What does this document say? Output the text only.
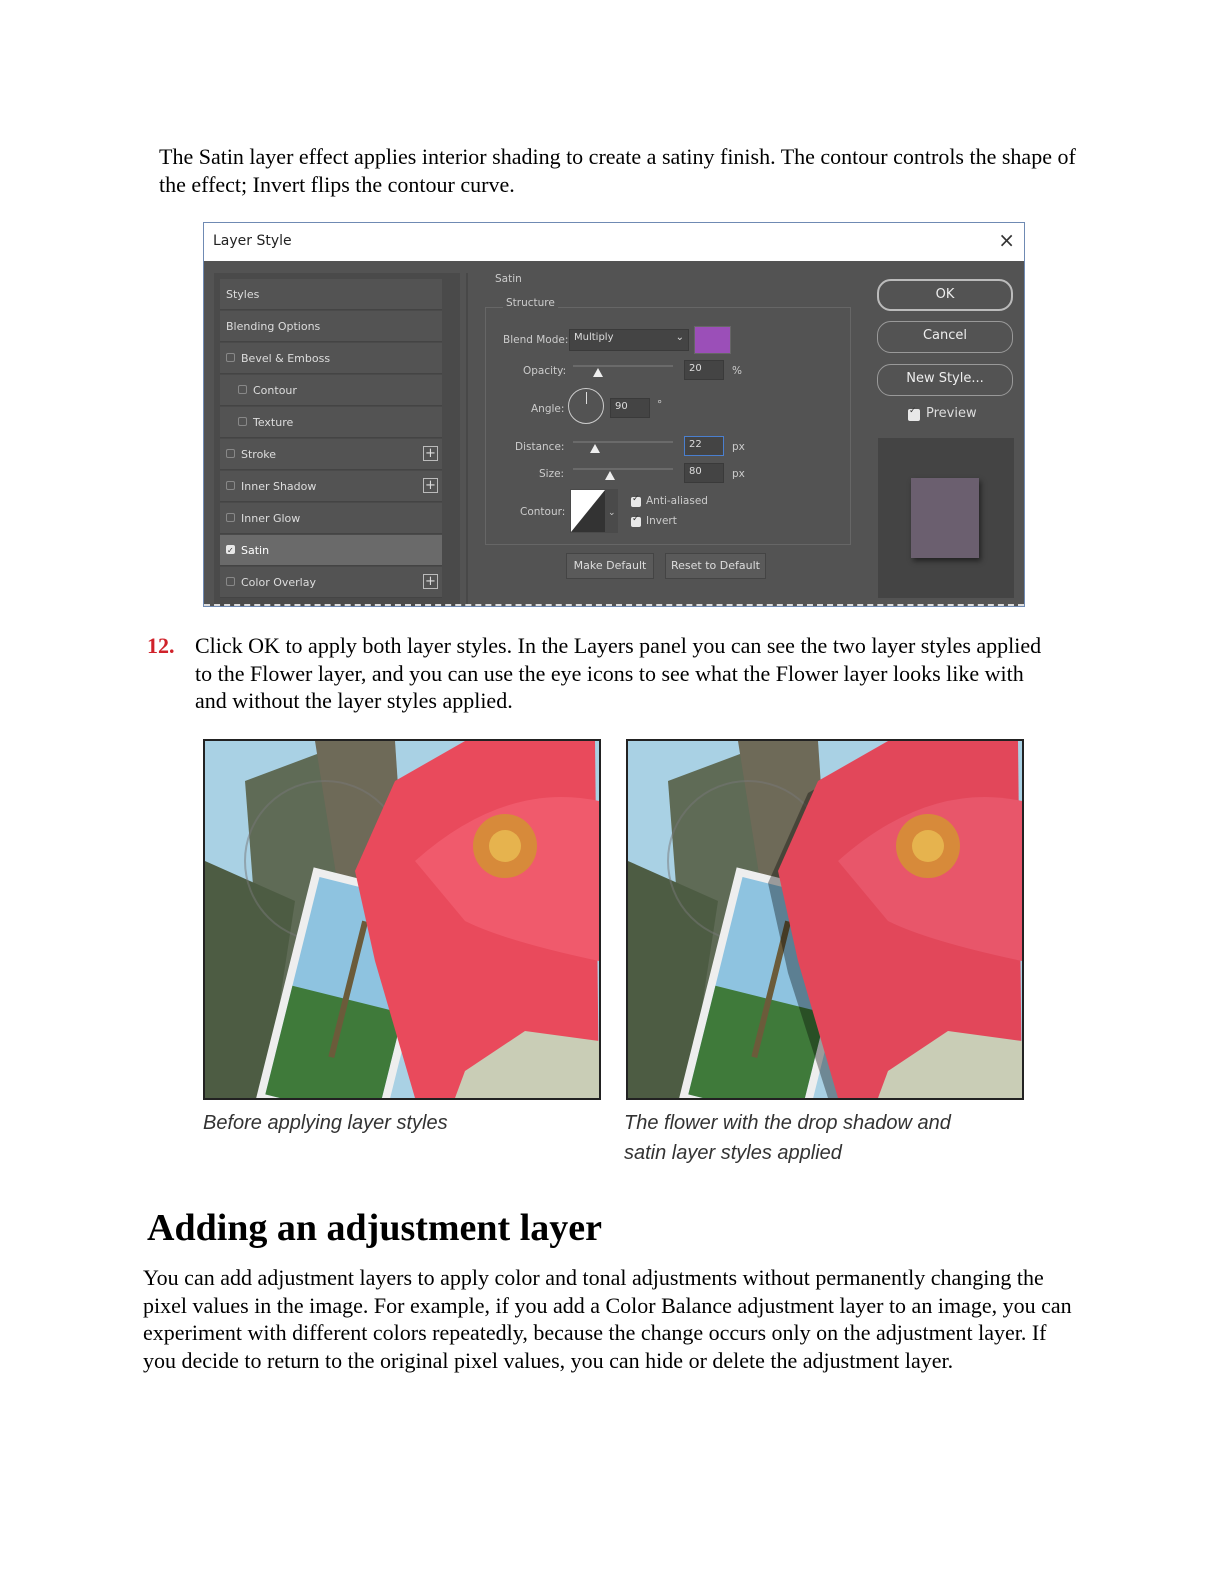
The Satin layer effect applies interior shading to create a satiny finish. The contour controls the shape of the effect; Invert flips the contour curve.

Layer Style	×
Styles
Blending Options
Bevel & Emboss
Contour
Texture
Stroke	+
Inner Shadow	+
Inner Glow
✓
Satin
Color Overlay	+
Satin
Structure
Blend Mode: Multiply	⌄
Opacity:	20	%
Angle:	90	°
Distance:	22	px
Size:	80	px
Contour:	⌄
✓
Anti-aliased
✓
Invert
Make Default	Reset to Default
OK
Cancel
New Style...
✓
Preview
12. Click OK to apply both layer styles. In the Layers panel you can see the two layer styles applied to the Flower layer, and you can use the eye icons to see what the Flower layer looks like with and without the layer styles applied.

Before applying layer styles	The flower with the drop shadow and satin layer styles applied

Adding an adjustment layer

You can add adjustment layers to apply color and tonal adjustments without permanently changing the pixel values in the image. For example, if you add a Color Balance adjustment layer to an image, you can experiment with different colors repeatedly, because the change occurs only on the adjustment layer. If you decide to return to the original pixel values, you can hide or delete the adjustment layer.
